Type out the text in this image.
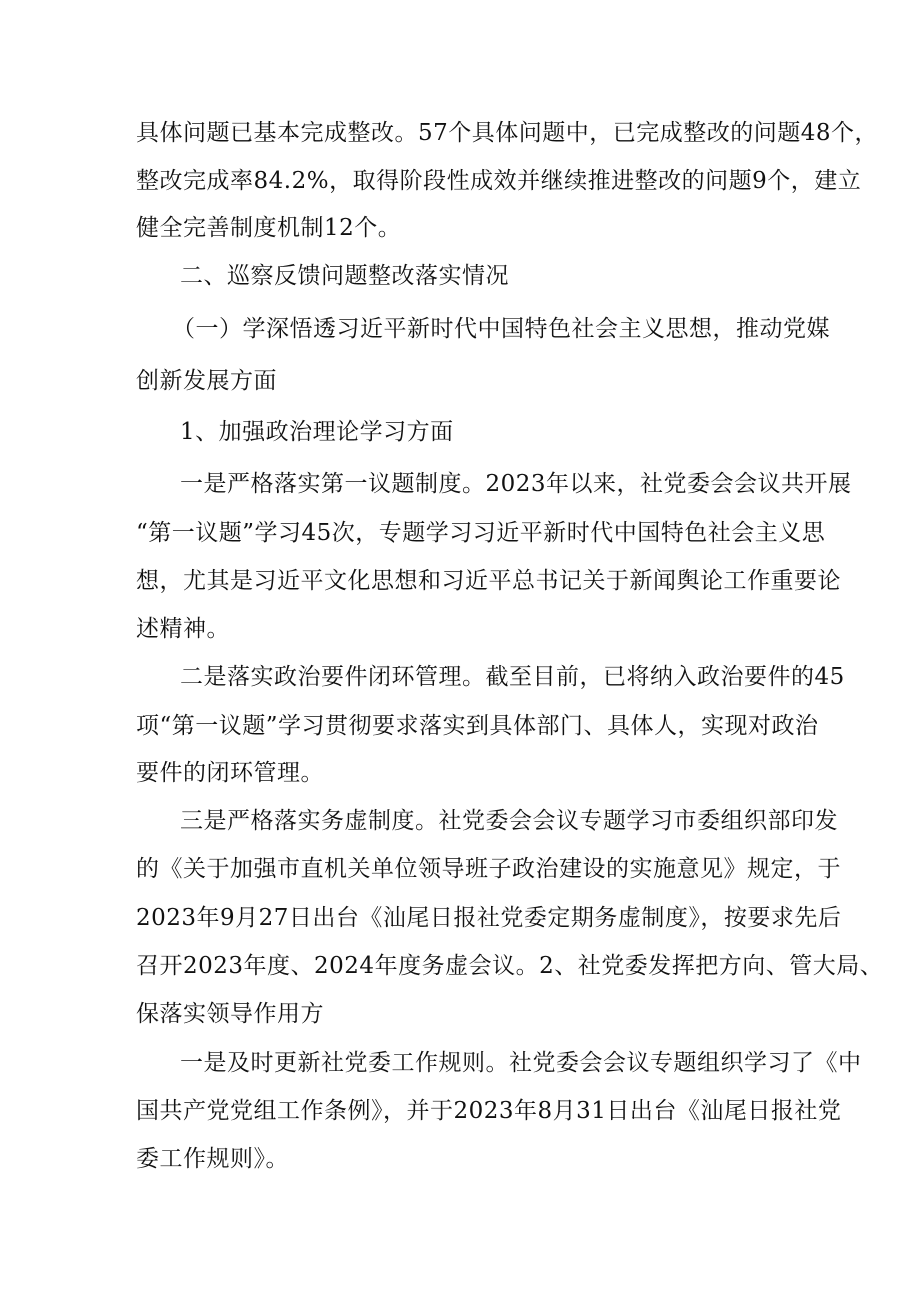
具体问题已基本完成整改。57个具体问题中，已完成整改的问题48个，
整改完成率84.2%，取得阶段性成效并继续推进整改的问题9个，建立
健全完善制度机制12个。
二、巡察反馈问题整改落实情况
（一）学深悟透习近平新时代中国特色社会主义思想，推动党媒
创新发展方面
1、加强政治理论学习方面
一是严格落实第一议题制度。2023年以来，社党委会会议共开展
“第一议题”学习45次，专题学习习近平新时代中国特色社会主义思
想，尤其是习近平文化思想和习近平总书记关于新闻舆论工作重要论
述精神。
二是落实政治要件闭环管理。截至目前，已将纳入政治要件的45
项“第一议题”学习贯彻要求落实到具体部门、具体人，实现对政治
要件的闭环管理。
三是严格落实务虚制度。社党委会会议专题学习市委组织部印发
的《关于加强市直机关单位领导班子政治建设的实施意见》规定，于
2023年9月27日出台《汕尾日报社党委定期务虚制度》，按要求先后
召开2023年度、2024年度务虚会议。2、社党委发挥把方向、管大局、
保落实领导作用方
一是及时更新社党委工作规则。社党委会会议专题组织学习了《中
国共产党党组工作条例》，并于2023年8月31日出台《汕尾日报社党
委工作规则》。
